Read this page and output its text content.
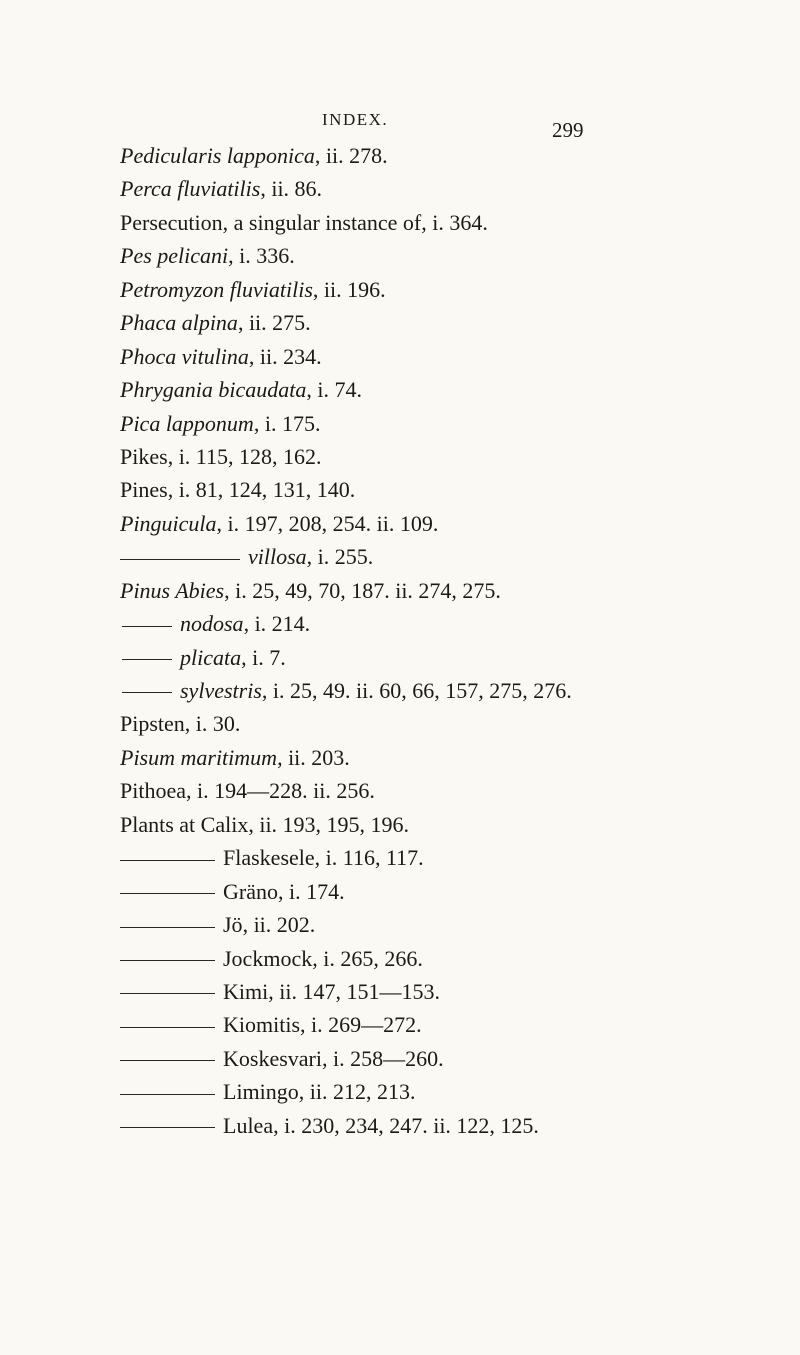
INDEX.	299
Pedicularis lapponica, ii. 278.
Perca fluviatilis, ii. 86.
Persecution, a singular instance of, i. 364.
Pes pelicani, i. 336.
Petromyzon fluviatilis, ii. 196.
Phaca alpina, ii. 275.
Phoca vitulina, ii. 234.
Phrygania bicaudata, i. 74.
Pica lapponum, i. 175.
Pikes, i. 115, 128, 162.
Pines, i. 81, 124, 131, 140.
Pinguicula, i. 197, 208, 254. ii. 109.
villosa, i. 255.
Pinus Abies, i. 25, 49, 70, 187. ii. 274, 275.
nodosa, i. 214.
plicata, i. 7.
sylvestris, i. 25, 49. ii. 60, 66, 157, 275, 276.
Pipsten, i. 30.
Pisum maritimum, ii. 203.
Pithoea, i. 194—228. ii. 256.
Plants at Calix, ii. 193, 195, 196.
Flaskesele, i. 116, 117.
Gräno, i. 174.
Jö, ii. 202.
Jockmock, i. 265, 266.
Kimi, ii. 147, 151—153.
Kiomitis, i. 269—272.
Koskesvari, i. 258—260.
Limingo, ii. 212, 213.
Lulea, i. 230, 234, 247. ii. 122, 125.
